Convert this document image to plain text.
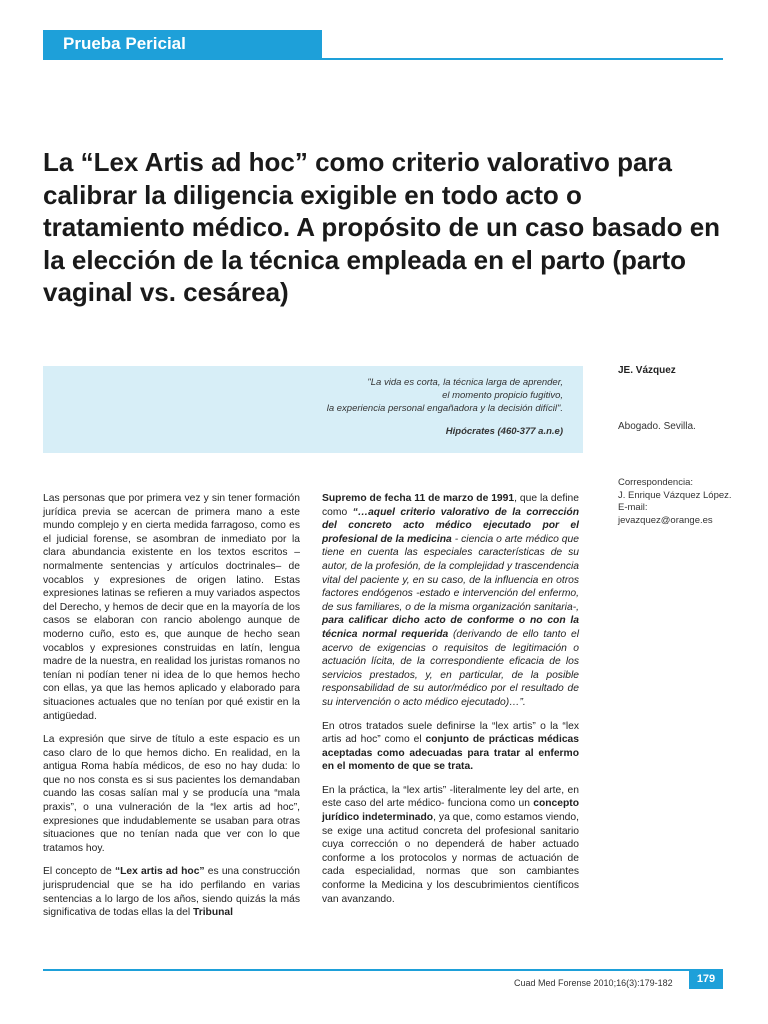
Prueba Pericial
La “Lex Artis ad hoc” como criterio valorativo para calibrar la diligencia exigible en todo acto o tratamiento médico. A propósito de un caso basado en la elección de la técnica empleada en el parto (parto vaginal vs. cesárea)

"La vida es corta, la técnica larga de aprender,
el momento propicio fugitivo,
la experiencia personal engañadora y la decisión difícil".

Hipócrates (460-377 a.n.e)
JE. Vázquez
Abogado. Sevilla.
Correspondencia:
J. Enrique Vázquez López.
E-mail:
jevazquez@orange.es

Las personas que por primera vez y sin tener formación jurídica previa se acercan de primera mano a este mundo complejo y en cierta medida farragoso, como es el judicial forense, se asombran de inmediato por la clara abundancia existente en los textos escritos –normalmente sentencias y artículos doctrinales– de vocablos y expresiones de origen latino. Estas expresiones latinas se refieren a muy variados aspectos del Derecho, y hemos de decir que en la mayoría de los casos se elaboran con rancio abolengo aunque de moderno cuño, esto es, que aunque de hecho sean vocablos y expresiones construidas en latín, lengua madre de la nuestra, en realidad los juristas romanos no tenían ni podían tener ni idea de lo que hemos hecho con ellas, ya que las hemos aplicado y elaborado para situaciones actuales que no tenían por qué existir en la antigüedad.

La expresión que sirve de título a este espacio es un caso claro de lo que hemos dicho. En realidad, en la antigua Roma había médicos, de eso no hay duda: lo que no nos consta es si sus pacientes los demandaban cuando las cosas salían mal y se producía una “mala praxis”, o una vulneración de la “lex artis ad hoc”, expresiones que indudablemente se usaban para otras situaciones que no tenían nada que ver con lo que tratamos hoy.

El concepto de “Lex artis ad hoc” es una construcción jurisprudencial que se ha ido perfilando en varias sentencias a lo largo de los años, siendo quizás la más significativa de todas ellas la del Tribunal

Supremo de fecha 11 de marzo de 1991, que la define como “…aquel criterio valorativo de la corrección del concreto acto médico ejecutado por el profesional de la medicina - ciencia o arte médico que tiene en cuenta las especiales características de su autor, de la profesión, de la complejidad y trascendencia vital del paciente y, en su caso, de la influencia en otros factores endógenos -estado e intervención del enfermo, de sus familiares, o de la misma organización sanitaria-, para calificar dicho acto de conforme o no con la técnica normal requerida (derivando de ello tanto el acervo de exigencias o requisitos de legitimación o actuación lícita, de la correspondiente eficacia de los servicios prestados, y, en particular, de la posible responsabilidad de su autor/médico por el resultado de su intervención o acto médico ejecutado)…”.

En otros tratados suele definirse la “lex artis” o la “lex artis ad hoc” como el conjunto de prácticas médicas aceptadas como adecuadas para tratar al enfermo en el momento de que se trata.

En la práctica, la “lex artis” -literalmente ley del arte, en este caso del arte médico- funciona como un concepto jurídico indeterminado, ya que, como estamos viendo, se exige una actitud concreta del profesional sanitario cuya corrección o no dependerá de haber actuado conforme a los protocolos y normas de actuación de cada especialidad, normas que son cambiantes conforme la Medicina y los descubrimientos científicos van avanzando.

Cuad Med Forense 2010;16(3):179-182	179
